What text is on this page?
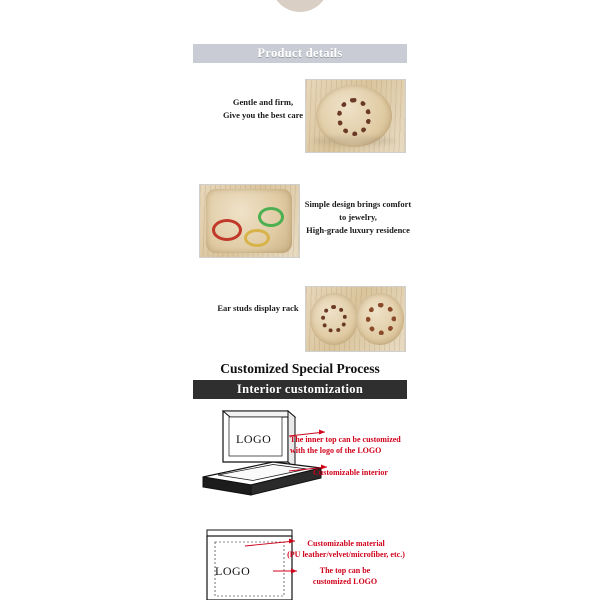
Product details
Gentle and firm,
Give you the best care
Simple design brings comfort
to jewelry,
High-grade luxury residence
Ear studs display rack
Customized Special Process
Interior customization
LOGO The inner top can be customized
with the logo of the LOGO
Customizable interior
LOGO
Customizable material
(PU leather/velvet/microfiber, etc.)
The top can be
customized LOGO
